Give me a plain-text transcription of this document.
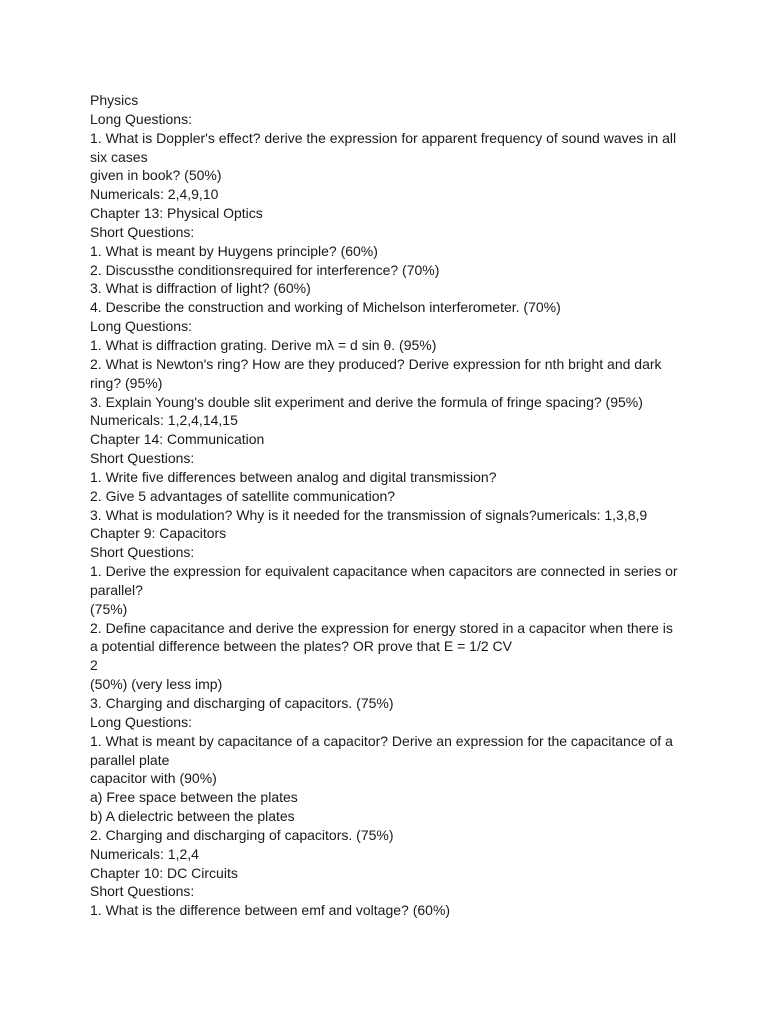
Physics
Long Questions:
1. What is Doppler's effect? derive the expression for apparent frequency of sound waves in all
six cases
given in book? (50%)
Numericals: 2,4,9,10
Chapter 13: Physical Optics
Short Questions:
1. What is meant by Huygens principle? (60%)
2. Discussthe conditionsrequired for interference? (70%)
3. What is diffraction of light? (60%)
4. Describe the construction and working of Michelson interferometer. (70%)
Long Questions:
1. What is diffraction grating. Derive mλ = d sin θ. (95%)
2. What is Newton's ring? How are they produced? Derive expression for nth bright and dark
ring? (95%)
3. Explain Young's double slit experiment and derive the formula of fringe spacing? (95%)
Numericals: 1,2,4,14,15
Chapter 14: Communication
Short Questions:
1. Write five differences between analog and digital transmission?
2. Give 5 advantages of satellite communication?
3. What is modulation? Why is it needed for the transmission of signals?umericals: 1,3,8,9
Chapter 9: Capacitors
Short Questions:
1. Derive the expression for equivalent capacitance when capacitors are connected in series or
parallel?
(75%)
2. Define capacitance and derive the expression for energy stored in a capacitor when there is
a potential difference between the plates? OR prove that E = 1/2 CV
2
(50%) (very less imp)
3. Charging and discharging of capacitors. (75%)
Long Questions:
1. What is meant by capacitance of a capacitor? Derive an expression for the capacitance of a
parallel plate
capacitor with (90%)
a) Free space between the plates
b) A dielectric between the plates
2. Charging and discharging of capacitors. (75%)
Numericals: 1,2,4
Chapter 10: DC Circuits
Short Questions:
1. What is the difference between emf and voltage? (60%)
